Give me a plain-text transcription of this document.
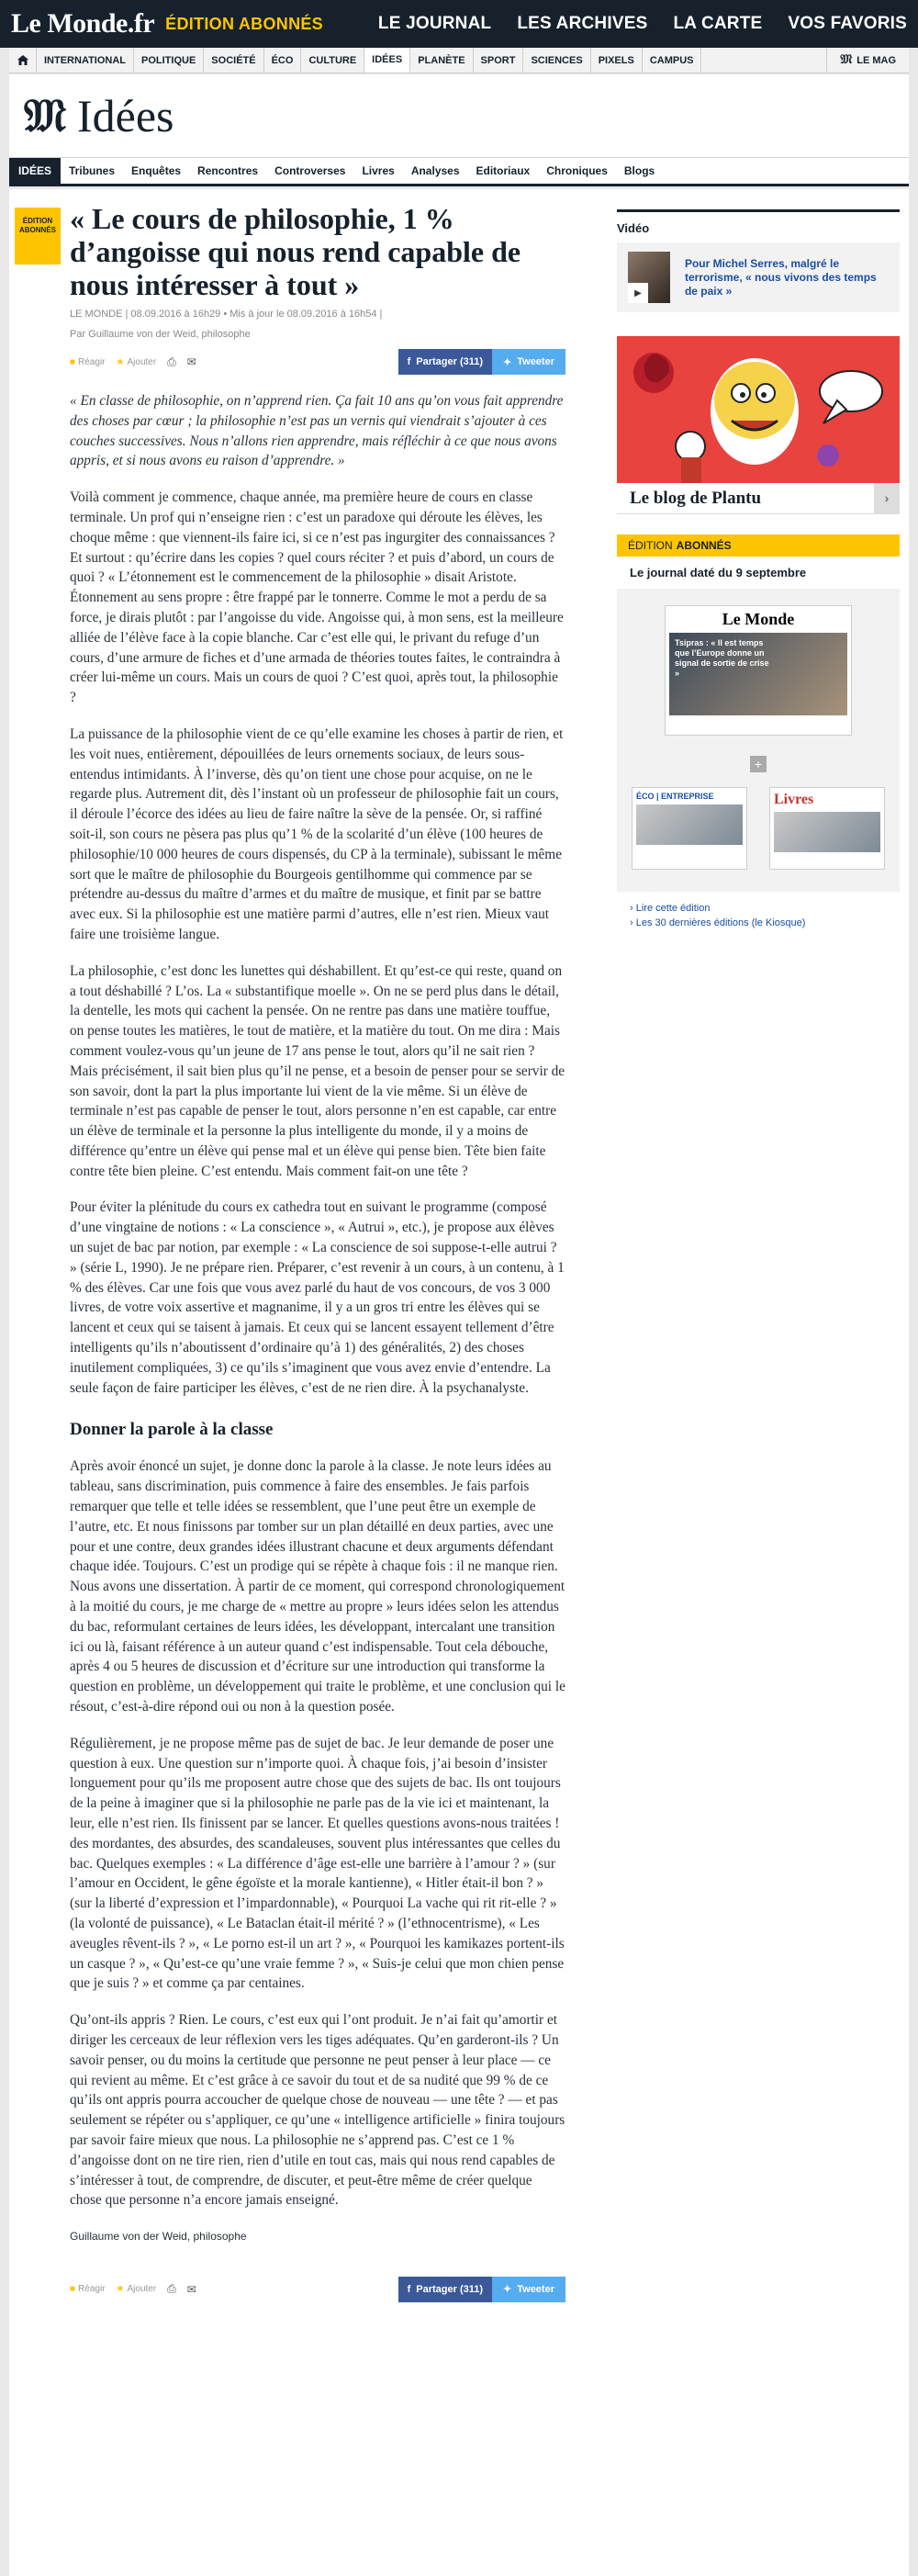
Le Monde.fr ÉDITION ABONNÉS	LE JOURNAL LES ARCHIVES LA CARTE VOS FAVORIS
INTERNATIONAL	POLITIQUE	SOCIÉTÉ	ÉCO	CULTURE	IDÉES	PLANÈTE	SPORT	SCIENCES	PIXELS	CAMPUS	𝔐 LE MAG
𝔐 Idées
IDÉES	Tribunes	Enquêtes	Rencontres	Controverses	Livres	Analyses	Editoriaux	Chroniques	Blogs
ÉDITION
ABONNÉS « Le cours de philosophie, 1 % d’angoisse qui nous rend capable de nous intéresser à tout »
LE MONDE | 08.09.2016 à 16h29 • Mis à jour le 08.09.2016 à 16h54 |
Par Guillaume von der Weid, philosophe
■ Réagir ★ Ajouter ⎙ ✉	f Partager (311) ✦ Tweeter

« En classe de philosophie, on n’apprend rien. Ça fait 10 ans qu’on vous fait apprendre des choses par cœur ; la philosophie n’est pas un vernis qui viendrait s’ajouter à ces couches successives. Nous n’allons rien apprendre, mais réfléchir à ce que nous avons appris, et si nous avons eu raison d’apprendre. »

Voilà comment je commence, chaque année, ma première heure de cours en classe terminale. Un prof qui n’enseigne rien : c’est un paradoxe qui déroute les élèves, les choque même : que viennent-ils faire ici, si ce n’est pas ingurgiter des connaissances ? Et surtout : qu’écrire dans les copies ? quel cours réciter ? et puis d’abord, un cours de quoi ? « L’étonnement est le commencement de la philosophie » disait Aristote. Étonnement au sens propre : être frappé par le tonnerre. Comme le mot a perdu de sa force, je dirais plutôt : par l’angoisse du vide. Angoisse qui, à mon sens, est la meilleure alliée de l’élève face à la copie blanche. Car c’est elle qui, le privant du refuge d’un cours, d’une armure de fiches et d’une armada de théories toutes faites, le contraindra à créer lui-même un cours. Mais un cours de quoi ? C’est quoi, après tout, la philosophie ?

La puissance de la philosophie vient de ce qu’elle examine les choses à partir de rien, et les voit nues, entièrement, dépouillées de leurs ornements sociaux, de leurs sous-entendus intimidants. À l’inverse, dès qu’on tient une chose pour acquise, on ne le regarde plus. Autrement dit, dès l’instant où un professeur de philosophie fait un cours, il déroule l’écorce des idées au lieu de faire naître la sève de la pensée. Or, si raffiné soit-il, son cours ne pèsera pas plus qu’1 % de la scolarité d’un élève (100 heures de philosophie/10 000 heures de cours dispensés, du CP à la terminale), subissant le même sort que le maître de philosophie du Bourgeois gentilhomme qui commence par se prétendre au-dessus du maître d’armes et du maître de musique, et finit par se battre avec eux. Si la philosophie est une matière parmi d’autres, elle n’est rien. Mieux vaut faire une troisième langue.

La philosophie, c’est donc les lunettes qui déshabillent. Et qu’est-ce qui reste, quand on a tout déshabillé ? L’os. La « substantifique moelle ». On ne se perd plus dans le détail, la dentelle, les mots qui cachent la pensée. On ne rentre pas dans une matière touffue, on pense toutes les matières, le tout de matière, et la matière du tout. On me dira : Mais comment voulez-vous qu’un jeune de 17 ans pense le tout, alors qu’il ne sait rien ? Mais précisément, il sait bien plus qu’il ne pense, et a besoin de penser pour se servir de son savoir, dont la part la plus importante lui vient de la vie même. Si un élève de terminale n’est pas capable de penser le tout, alors personne n’en est capable, car entre un élève de terminale et la personne la plus intelligente du monde, il y a moins de différence qu’entre un élève qui pense mal et un élève qui pense bien. Tête bien faite contre tête bien pleine. C’est entendu. Mais comment fait-on une tête ?

Pour éviter la plénitude du cours ex cathedra tout en suivant le programme (composé d’une vingtaine de notions : « La conscience », « Autrui », etc.), je propose aux élèves un sujet de bac par notion, par exemple : « La conscience de soi suppose-t-elle autrui ? » (série L, 1990). Je ne prépare rien. Préparer, c’est revenir à un cours, à un contenu, à 1 % des élèves. Car une fois que vous avez parlé du haut de vos concours, de vos 3 000 livres, de votre voix assertive et magnanime, il y a un gros tri entre les élèves qui se lancent et ceux qui se taisent à jamais. Et ceux qui se lancent essayent tellement d’être intelligents qu’ils n’aboutissent d’ordinaire qu’à 1) des généralités, 2) des choses inutilement compliquées, 3) ce qu’ils s’imaginent que vous avez envie d’entendre. La seule façon de faire participer les élèves, c’est de ne rien dire. À la psychanalyste.

Donner la parole à la classe

Après avoir énoncé un sujet, je donne donc la parole à la classe. Je note leurs idées au tableau, sans discrimination, puis commence à faire des ensembles. Je fais parfois remarquer que telle et telle idées se ressemblent, que l’une peut être un exemple de l’autre, etc. Et nous finissons par tomber sur un plan détaillé en deux parties, avec une pour et une contre, deux grandes idées illustrant chacune et deux arguments défendant chaque idée. Toujours. C’est un prodige qui se répète à chaque fois : il ne manque rien. Nous avons une dissertation. À partir de ce moment, qui correspond chronologiquement à la moitié du cours, je me charge de « mettre au propre » leurs idées selon les attendus du bac, reformulant certaines de leurs idées, les développant, intercalant une transition ici ou là, faisant référence à un auteur quand c’est indispensable. Tout cela débouche, après 4 ou 5 heures de discussion et d’écriture sur une introduction qui transforme la question en problème, un développement qui traite le problème, et une conclusion qui le résout, c’est-à-dire répond oui ou non à la question posée.

Régulièrement, je ne propose même pas de sujet de bac. Je leur demande de poser une question à eux. Une question sur n’importe quoi. À chaque fois, j’ai besoin d’insister longuement pour qu’ils me proposent autre chose que des sujets de bac. Ils ont toujours de la peine à imaginer que si la philosophie ne parle pas de la vie ici et maintenant, la leur, elle n’est rien. Ils finissent par se lancer. Et quelles questions avons-nous traitées ! des mordantes, des absurdes, des scandaleuses, souvent plus intéressantes que celles du bac. Quelques exemples : « La différence d’âge est-elle une barrière à l’amour ? » (sur l’amour en Occident, le gêne égoïste et la morale kantienne), « Hitler était-il bon ? » (sur la liberté d’expression et l’impardonnable), « Pourquoi La vache qui rit rit-elle ? » (la volonté de puissance), « Le Bataclan était-il mérité ? » (l’ethnocentrisme), « Les aveugles rêvent-ils ? », « Le porno est-il un art ? », « Pourquoi les kamikazes portent-ils un casque ? », « Qu’est-ce qu’une vraie femme ? », « Suis-je celui que mon chien pense que je suis ? » et comme ça par centaines.

Qu’ont-ils appris ? Rien. Le cours, c’est eux qui l’ont produit. Je n’ai fait qu’amortir et diriger les cerceaux de leur réflexion vers les tiges adéquates. Qu’en garderont-ils ? Un savoir penser, ou du moins la certitude que personne ne peut penser à leur place — ce qui revient au même. Et c’est grâce à ce savoir du tout et de sa nudité que 99 % de ce qu’ils ont appris pourra accoucher de quelque chose de nouveau — une tête ? — et pas seulement se répéter ou s’appliquer, ce qu’une « intelligence artificielle » finira toujours par savoir faire mieux que nous. La philosophie ne s’apprend pas. C’est ce 1 % d’angoisse dont on ne tire rien, rien d’utile en tout cas, mais qui nous rend capables de s’intéresser à tout, de comprendre, de discuter, et peut-être même de créer quelque chose que personne n’a encore jamais enseigné.

Guillaume von der Weid, philosophe

■ Réagir ★ Ajouter ⎙ ✉	f Partager (311) ✦ Tweeter
Vidéo
▶
Pour Michel Serres, malgré le terrorisme, « nous vivons des temps de paix »
Le blog de Plantu	›
ÉDITION ABONNÉS
Le journal daté du 9 septembre
Le Monde
Tsipras : « Il est temps que l’Europe donne un signal de sortie de crise »
+
ÉCO | ENTREPRISE	Livres
› Lire cette édition
› Les 30 dernières éditions (le Kiosque)
